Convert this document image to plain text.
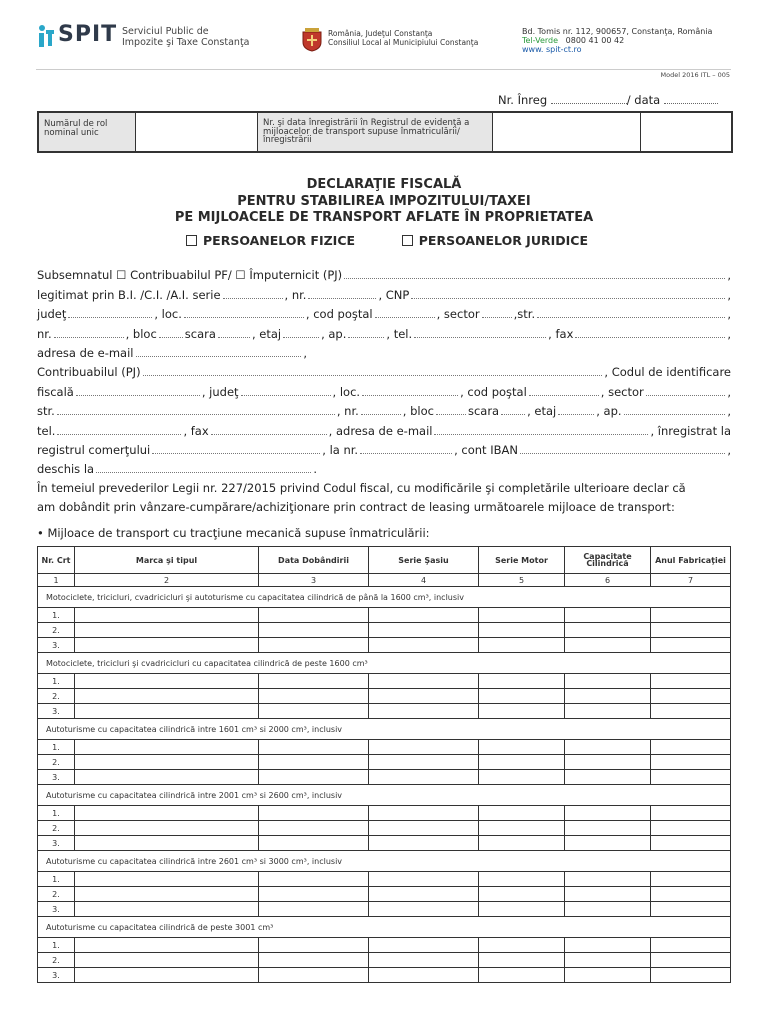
SPIT Serviciul Public de
Impozite şi Taxe Constanţa
România, Judeţul Constanţa
Consiliul Local al Municipiului Constanţa
Bd. Tomis nr. 112, 900657, Constanţa, România
Tel-Verde 0800 41 00 42
www. spit-ct.ro
Model 2016 ITL – 005
Nr. Înreg	/ data
Numărul de rol nominal unic
Nr. şi data înregistrării în Registrul de evidenţă a mijloacelor de transport supuse înmatriculării/ înregistrării
DECLARAŢIE FISCALĂ
PENTRU STABILIREA IMPOZITULUI/TAXEI
PE MIJLOACELE DE TRANSPORT AFLATE ÎN PROPRIETATEA
PERSOANELOR FIZICE	PERSOANELOR JURIDICE
Subsemnatul ☐ Contribuabilul PF/ ☐ Împuternicit (PJ)	,
legitimat prin B.I. /C.I. /A.I. serie	, nr.	, CNP	,
judeţ	, loc.	, cod poştal	, sector	,str.	,
nr.	, bloc scara	, etaj	, ap.	, tel.	, fax	,
adresa de e-mail	,
Contribuabilul (PJ)	, Codul de identificare
fiscală	, judeţ	, loc.	, cod poştal	, sector	,
str.	, nr.	, bloc	scara , etaj	, ap.	,
tel.	, fax	, adresa de e-mail	, înregistrat la
registrul comerţului	, la nr.	, cont IBAN	,
deschis la	.
În temeiul prevederilor Legii nr. 227/2015 privind Codul fiscal, cu modificările şi completările ulterioare declar că
am dobândit prin vânzare-cumpărare/achiziţionare prin contract de leasing următoarele mijloace de transport:
• Mijloace de transport cu tracţiune mecanică supuse înmatriculării:
Nr. Crt	Marca şi tipul	Data Dobândirii	Serie Şasiu	Serie Motor	Capacitate Cilindrică	Anul Fabricaţiei
1	2	3	4	5	6	7
Motociclete, tricicluri, cvadricicluri şi autoturisme cu capacitatea cilindrică de până la 1600 cm³, inclusiv						
1.						
2.						
3.						
Motociclete, tricicluri şi cvadricicluri cu capacitatea cilindrică de peste 1600 cm³						
1.						
2.						
3.						
Autoturisme cu capacitatea cilindrică intre 1601 cm³ si 2000 cm³, inclusiv						
1.						
2.						
3.						
Autoturisme cu capacitatea cilindrică intre 2001 cm³ si 2600 cm³, inclusiv						
1.						
2.						
3.						
Autoturisme cu capacitatea cilindrică intre 2601 cm³ si 3000 cm³, inclusiv						
1.						
2.						
3.						
Autoturisme cu capacitatea cilindrică de peste 3001 cm³						
1.						
2.						
3.						
